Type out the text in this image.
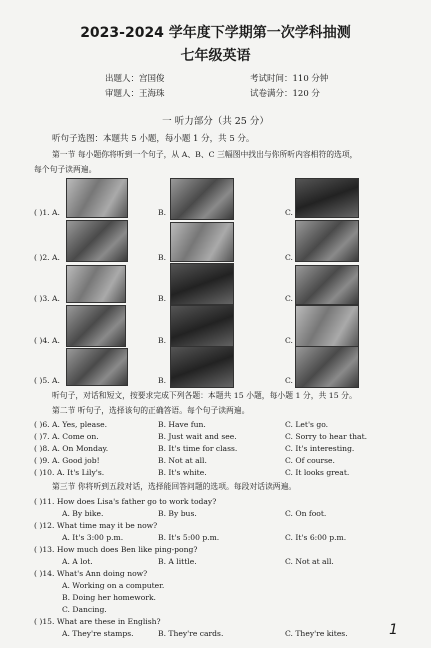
2023-2024 学年度下学期第一次学科抽测
七年级英语
出题人：宫国俊	考试时间：110 分钟
审题人：王海珠	试卷满分：120 分
一 听力部分（共 25 分）
听句子选图：本题共 5 小题，每小题 1 分，共 5 分。
第一节 每小题你将听到一个句子，从 A、B、C 三幅图中找出与你所听内容相符的选项，
每个句子读两遍。
( )1. A.	B.	C.
( )2. A.	B.	C.
( )3. A.	B.	C.
( )4. A.	B.	C.
( )5. A.	B.	C.
听句子，对话和短文，按要求完成下列各题：本题共 15 小题，每小题 1 分，共 15 分。
第二节 听句子，选择该句的正确答语。每个句子读两遍。
( )6. A. Yes, please.	B. Have fun.	C. Let's go.
( )7. A. Come on.	B. Just wait and see.	C. Sorry to hear that.
( )8. A. On Monday.	B. It's time for class.	C. It's interesting.
( )9. A. Good job!	B. Not at all.	C. Of course.
( )10. A. It's Lily's.	B. It's white.	C. It looks great.
第三节 你将听到五段对话，选择能回答问题的选项。每段对话读两遍。
( )11. How does Lisa's father go to work today?
A. By bike.	B. By bus.	C. On foot.
( )12. What time may it be now?
A. It's 3:00 p.m.	B. It's 5:00 p.m.	C. It's 6:00 p.m.
( )13. How much does Ben like ping-pong?
A. A lot.	B. A little.	C. Not at all.
( )14. What's Ann doing now?
A. Working on a computer.
B. Doing her homework.
C. Dancing.
( )15. What are these in English?
A. They're stamps.	B. They're cards.	C. They're kites.	1
